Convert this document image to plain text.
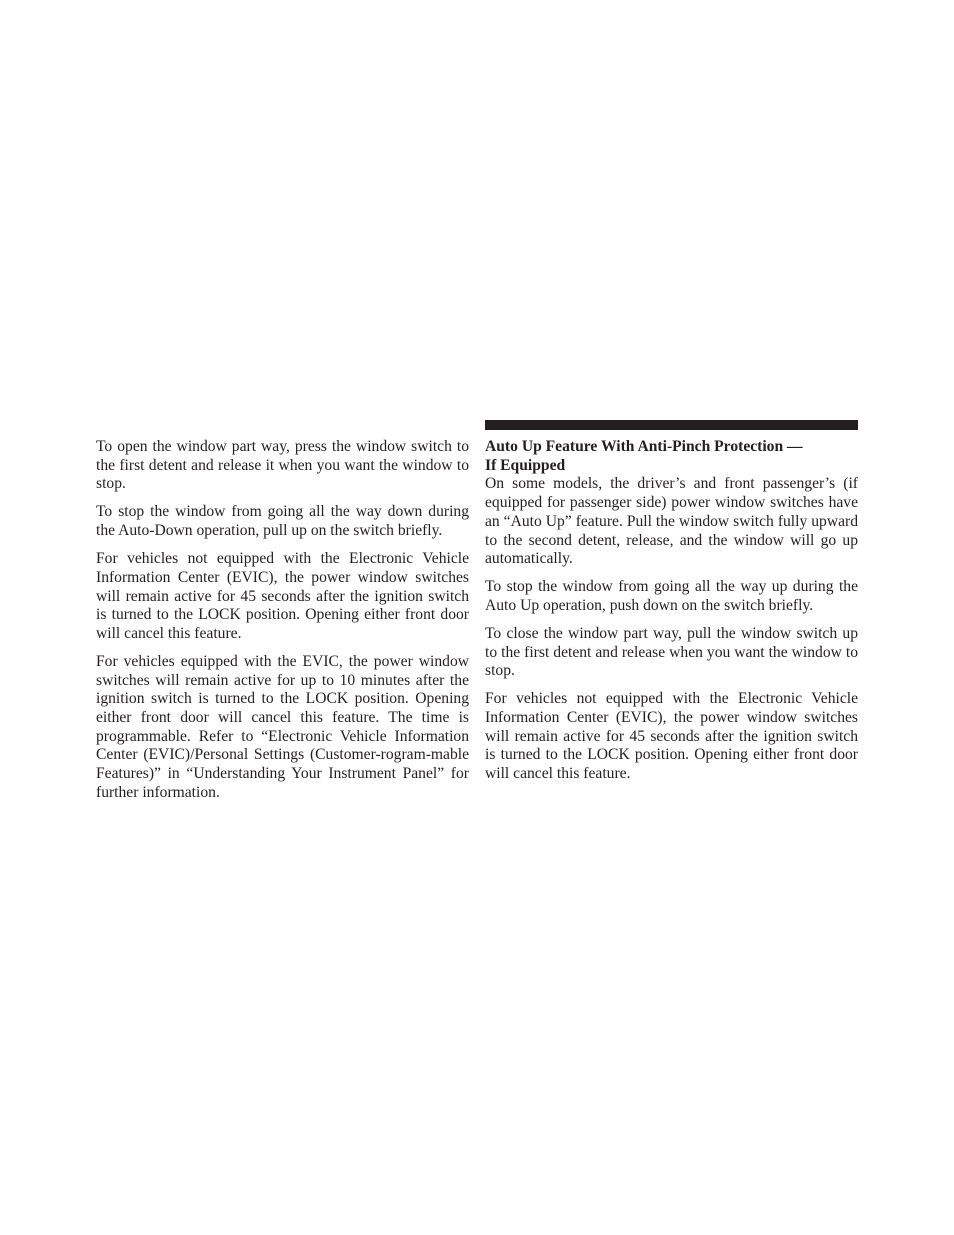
To open the window part way, press the window switch to the first detent and release it when you want the window to stop.

To stop the window from going all the way down during the Auto-Down operation, pull up on the switch briefly.

For vehicles not equipped with the Electronic Vehicle Information Center (EVIC), the power window switches will remain active for 45 seconds after the ignition switch is turned to the LOCK position. Opening either front door will cancel this feature.

For vehicles equipped with the EVIC, the power window switches will remain active for up to 10 minutes after the ignition switch is turned to the LOCK position. Opening either front door will cancel this feature. The time is programmable. Refer to “Electronic Vehicle Information Center (EVIC)/Personal Settings (Customer-rogram-mable Features)” in “Understanding Your Instrument Panel” for further information.

Auto Up Feature With Anti-Pinch Protection —
If Equipped

On some models, the driver’s and front passenger’s (if equipped for passenger side) power window switches have an “Auto Up” feature. Pull the window switch fully upward to the second detent, release, and the window will go up automatically.

To stop the window from going all the way up during the Auto Up operation, push down on the switch briefly.

To close the window part way, pull the window switch up to the first detent and release when you want the window to stop.

For vehicles not equipped with the Electronic Vehicle Information Center (EVIC), the power window switches will remain active for 45 seconds after the ignition switch is turned to the LOCK position. Opening either front door will cancel this feature.
